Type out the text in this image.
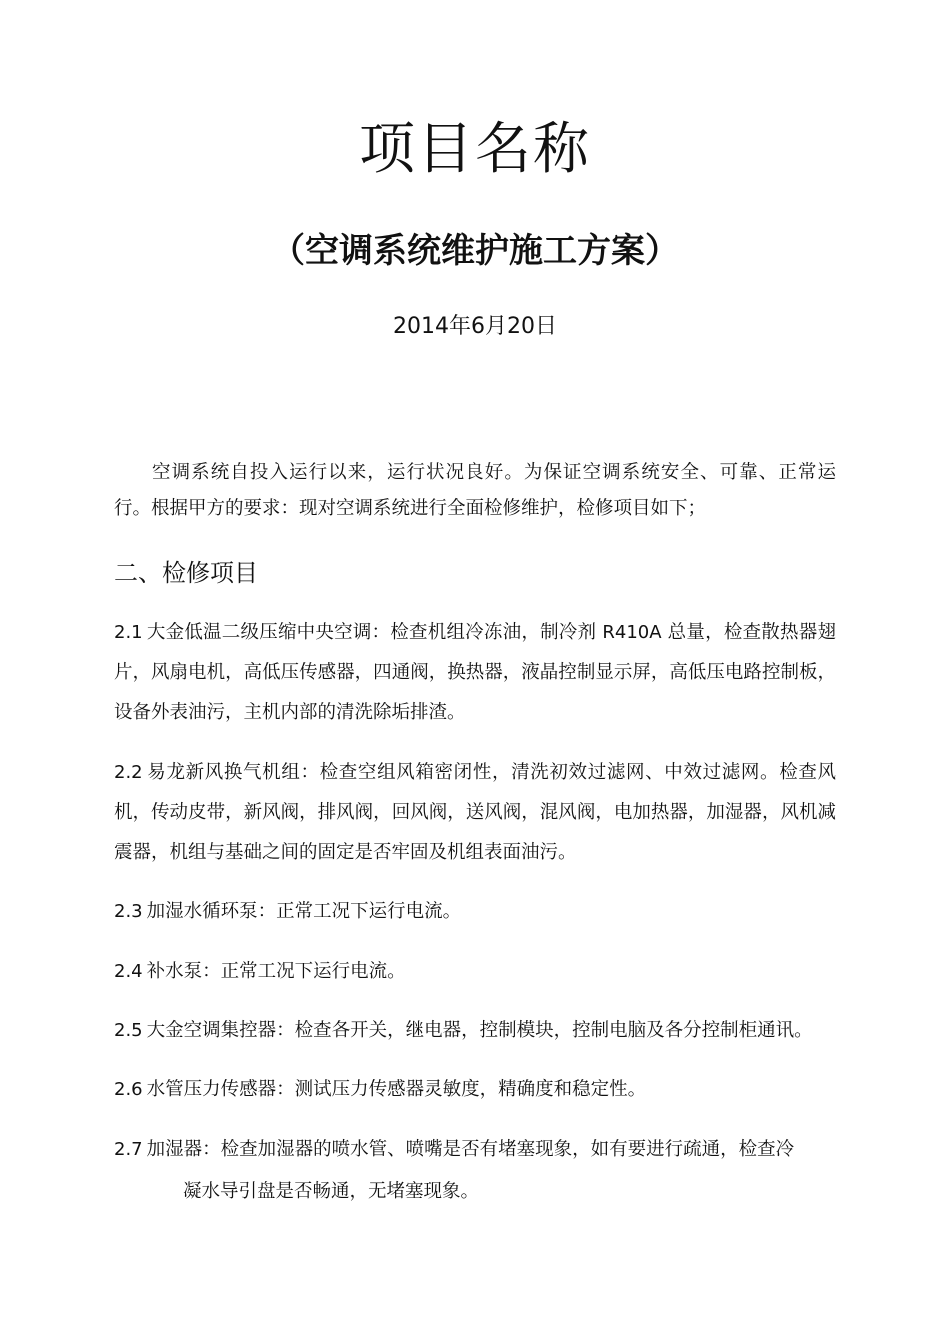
项目名称
（空调系统维护施工方案）
2014年6月20日

空调系统自投入运行以来，运行状况良好。为保证空调系统安全、可靠、正常运行。根据甲方的要求：现对空调系统进行全面检修维护，检修项目如下；

二、检修项目

2.1 大金低温二级压缩中央空调：检查机组冷冻油，制冷剂 R410A 总量，检查散热器翅片，风扇电机，高低压传感器，四通阀，换热器，液晶控制显示屏，高低压电路控制板，设备外表油污，主机内部的清洗除垢排渣。

2.2 易龙新风换气机组：检查空组风箱密闭性，清洗初效过滤网、中效过滤网。检查风机，传动皮带，新风阀，排风阀，回风阀，送风阀，混风阀，电加热器，加湿器，风机减震器，机组与基础之间的固定是否牢固及机组表面油污。

2.3 加湿水循环泵：正常工况下运行电流。

2.4 补水泵：正常工况下运行电流。

2.5 大金空调集控器：检查各开关，继电器，控制模块，控制电脑及各分控制柜通讯。

2.6 水管压力传感器：测试压力传感器灵敏度，精确度和稳定性。

2.7 加湿器：检查加湿器的喷水管、喷嘴是否有堵塞现象，如有要进行疏通，检查冷

凝水导引盘是否畅通，无堵塞现象。
